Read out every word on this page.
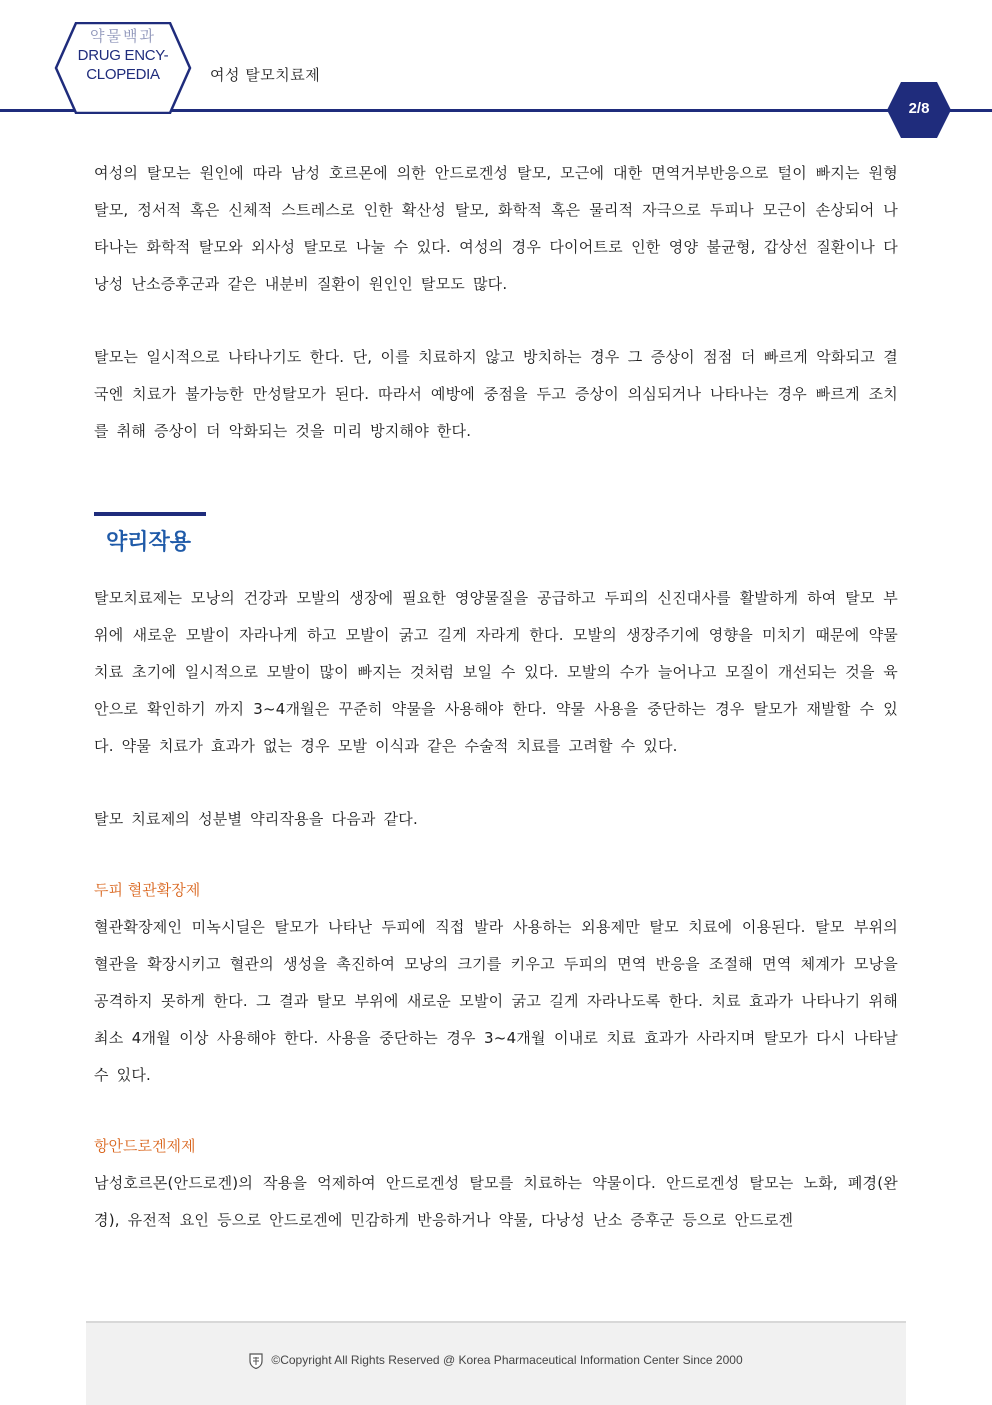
약물백과
DRUG ENCY-
CLOPEDIA	여성 탈모치료제
2/8

여성의 탈모는 원인에 따라 남성 호르몬에 의한 안드로겐성 탈모, 모근에 대한 면역거부반응으로 털이 빠지는 원형 탈모, 정서적 혹은 신체적 스트레스로 인한 확산성 탈모, 화학적 혹은 물리적 자극으로 두피나 모근이 손상되어 나타나는 화학적 탈모와 외사성 탈모로 나눌 수 있다. 여성의 경우 다이어트로 인한 영양 불균형, 갑상선 질환이나 다낭성 난소증후군과 같은 내분비 질환이 원인인 탈모도 많다.

탈모는 일시적으로 나타나기도 한다. 단, 이를 치료하지 않고 방치하는 경우 그 증상이 점점 더 빠르게 악화되고 결국엔 치료가 불가능한 만성탈모가 된다. 따라서 예방에 중점을 두고 증상이 의심되거나 나타나는 경우 빠르게 조치를 취해 증상이 더 악화되는 것을 미리 방지해야 한다.

약리작용

탈모치료제는 모낭의 건강과 모발의 생장에 필요한 영양물질을 공급하고 두피의 신진대사를 활발하게 하여 탈모 부위에 새로운 모발이 자라나게 하고 모발이 굵고 길게 자라게 한다. 모발의 생장주기에 영향을 미치기 때문에 약물 치료 초기에 일시적으로 모발이 많이 빠지는 것처럼 보일 수 있다. 모발의 수가 늘어나고 모질이 개선되는 것을 육안으로 확인하기 까지 3~4개월은 꾸준히 약물을 사용해야 한다. 약물 사용을 중단하는 경우 탈모가 재발할 수 있다. 약물 치료가 효과가 없는 경우 모발 이식과 같은 수술적 치료를 고려할 수 있다.

탈모 치료제의 성분별 약리작용을 다음과 같다.

두피 혈관확장제

혈관확장제인 미녹시딜은 탈모가 나타난 두피에 직접 발라 사용하는 외용제만 탈모 치료에 이용된다. 탈모 부위의 혈관을 확장시키고 혈관의 생성을 촉진하여 모낭의 크기를 키우고 두피의 면역 반응을 조절해 면역 체계가 모낭을 공격하지 못하게 한다. 그 결과 탈모 부위에 새로운 모발이 굵고 길게 자라나도록 한다. 치료 효과가 나타나기 위해 최소 4개월 이상 사용해야 한다. 사용을 중단하는 경우 3~4개월 이내로 치료 효과가 사라지며 탈모가 다시 나타날 수 있다.

항안드로겐제제

남성호르몬(안드로겐)의 작용을 억제하여 안드로겐성 탈모를 치료하는 약물이다. 안드로겐성 탈모는 노화, 폐경(완경), 유전적 요인 등으로 안드로겐에 민감하게 반응하거나 약물, 다낭성 난소 증후군 등으로 안드로겐

©Copyright All Rights Reserved @ Korea Pharmaceutical Information Center Since 2000
